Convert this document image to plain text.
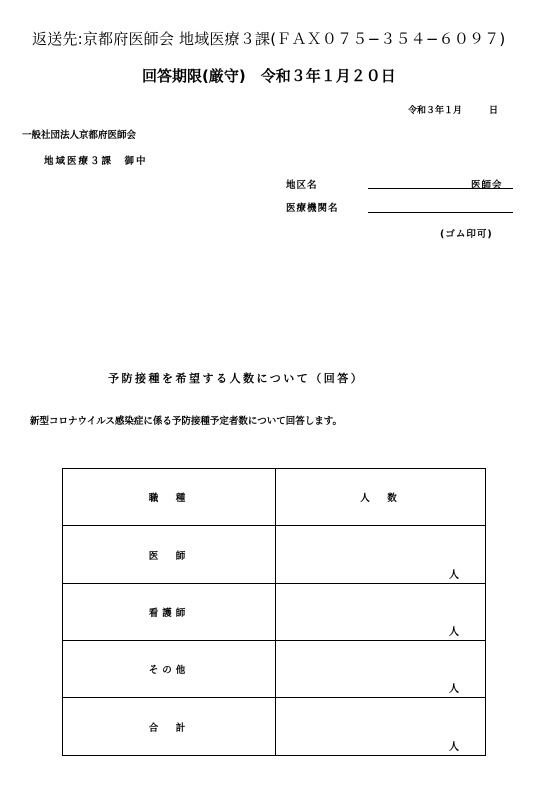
返送先:京都府医師会 地域医療３課(ＦＡＸ０７５−３５４−６０９７)
回答期限(厳守)　令和３年１月２０日
令和３年１月　　　日
一般社団法人京都府医師会
地域医療３課　御中
地区名	医師会
医療機関名
(ゴム印可)
予防接種を希望する人数について（回答）
新型コロナウイルス感染症に係る予防接種予定者数について回答します。
職　種	人　数
医　師	人

看護師	人

その他	人

合　計	人
